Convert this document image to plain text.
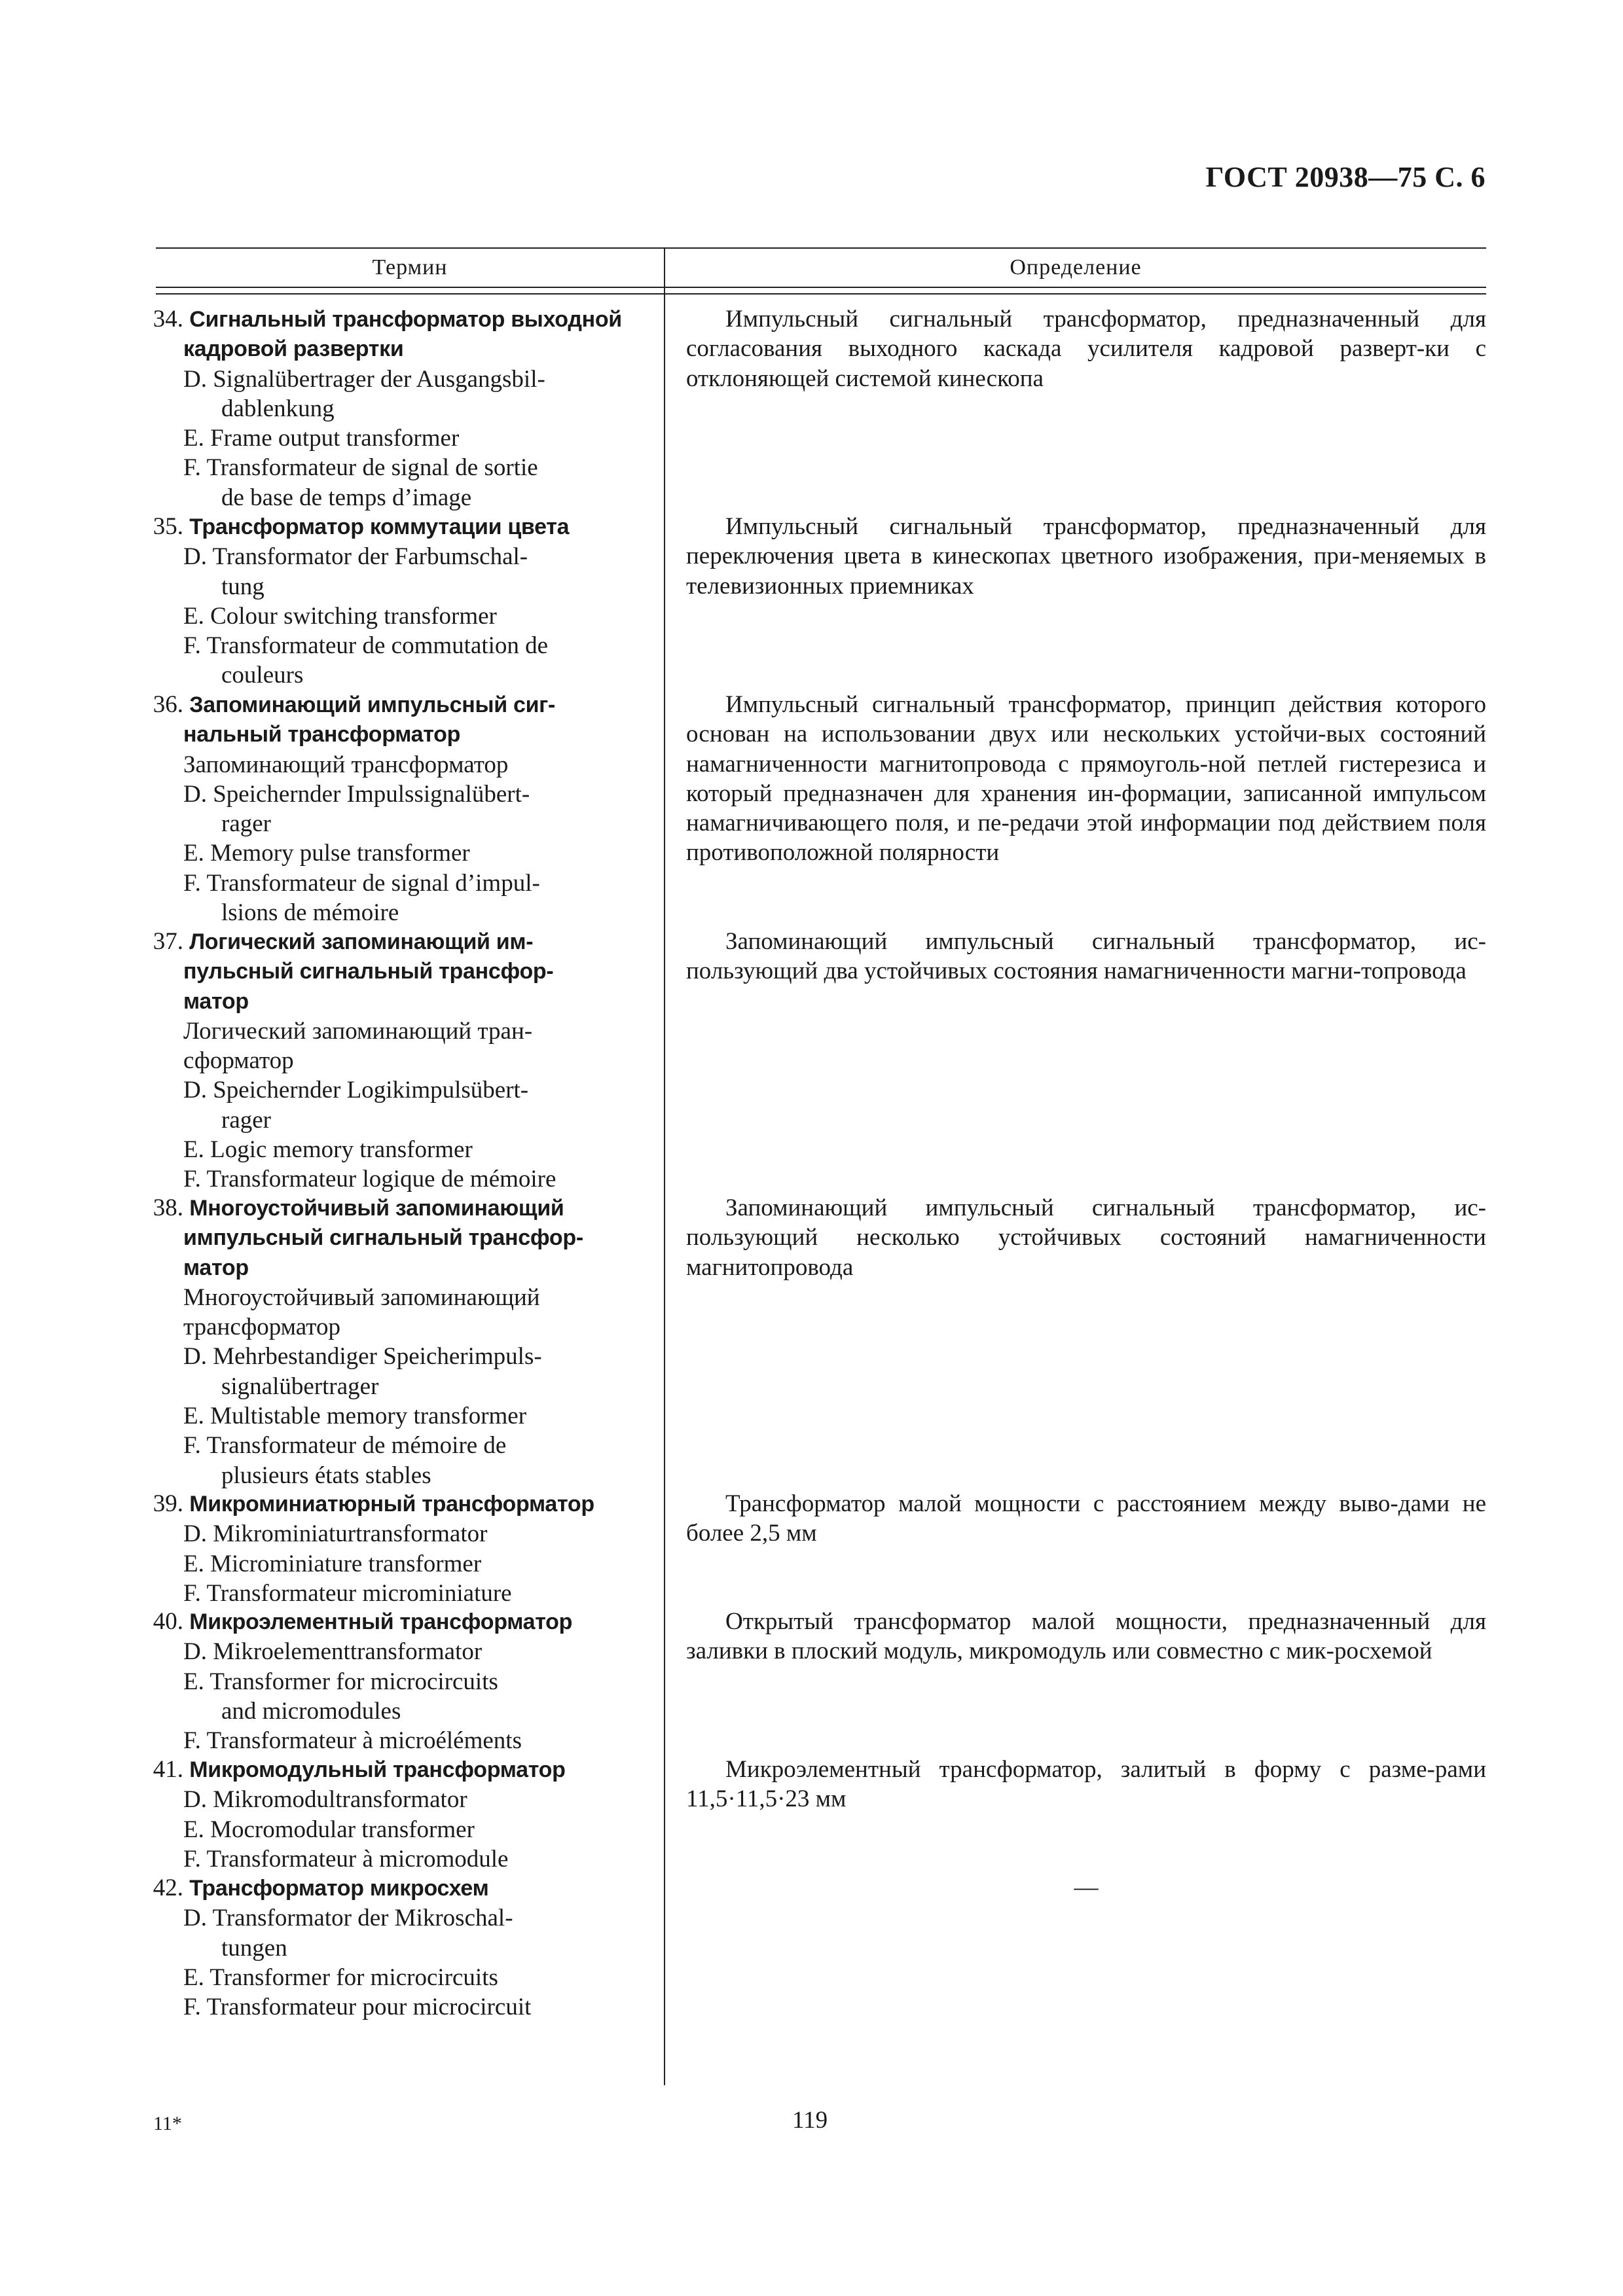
ГОСТ 20938—75 С. 6
Термин	Определение
34. Сигнальный трансформатор выходной
кадровой развертки
D. Signalübertrager der Ausgangsbil-
dablenkung
E. Frame output transformer
F. Transformateur de signal de sortie
de base de temps d’image
Импульсный сигнальный трансформатор, предназначенный для согласования выходного каскада усилителя кадровой разверт-ки с отклоняющей системой кинескопа
35. Трансформатор коммутации цвета
D. Transformator der Farbumschal-
tung
E. Colour switching transformer
F. Transformateur de commutation de
couleurs
Импульсный сигнальный трансформатор, предназначенный для переключения цвета в кинескопах цветного изображения, при-меняемых в телевизионных приемниках
36. Запоминающий импульсный сиг-
нальный трансформатор
Запоминающий трансформатор
D. Speichernder Impulssignalübert-
rager
E. Memory pulse transformer
F. Transformateur de signal d’impul-
lsions de mémoire
Импульсный сигнальный трансформатор, принцип действия которого основан на использовании двух или нескольких устойчи-вых состояний намагниченности магнитопровода с прямоуголь-ной петлей гистерезиса и который предназначен для хранения ин-формации, записанной импульсом намагничивающего поля, и пе-редачи этой информации под действием поля противоположной полярности
37. Логический запоминающий им-
пульсный сигнальный трансфор-
матор
Логический запоминающий тран-
сформатор
D. Speichernder Logikimpulsübert-
rager
E. Logic memory transformer
F. Transformateur logique de mémoire
Запоминающий импульсный сигнальный трансформатор, ис-пользующий два устойчивых состояния намагниченности магни-топровода
38. Многоустойчивый запоминающий
импульсный сигнальный трансфор-
матор
Многоустойчивый запоминающий
трансформатор
D. Mehrbestandiger Speicherimpuls-
signalübertrager
E. Multistable memory transformer
F. Transformateur de mémoire de
plusieurs états stables
Запоминающий импульсный сигнальный трансформатор, ис-пользующий несколько устойчивых состояний намагниченности магнитопровода
39. Микроминиатюрный трансформатор
D. Mikrominiaturtransformator
E. Microminiature transformer
F. Transformateur microminiature
Трансформатор малой мощности с расстоянием между выво-дами не более 2,5 мм
40. Микроэлементный трансформатор
D. Mikroelementtransformator
E. Transformer for microcircuits
and micromodules
F. Transformateur à microéléments
Открытый трансформатор малой мощности, предназначенный для заливки в плоский модуль, микромодуль или совместно с мик-росхемой
41. Микромодульный трансформатор
D. Mikromodultransformator
E. Mocromodular transformer
F. Transformateur à micromodule
Микроэлементный трансформатор, залитый в форму с разме-рами 11,5·11,5·23 мм
42. Трансформатор микросхем
D. Transformator der Mikroschal-
tungen
E. Transformer for microcircuits
F. Transformateur pour microcircuit
—
11*	119
